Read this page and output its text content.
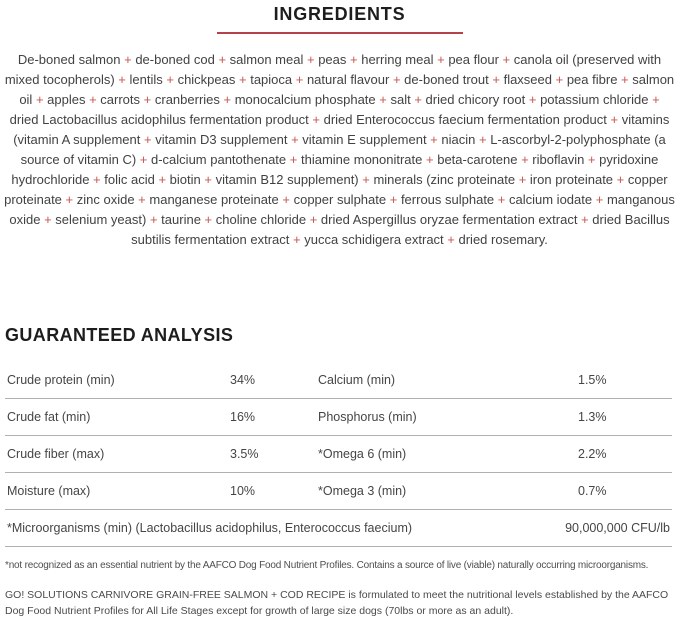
INGREDIENTS

De-boned salmon + de-boned cod + salmon meal + peas + herring meal + pea flour + canola oil (preserved with mixed tocopherols) + lentils + chickpeas + tapioca + natural flavour + de-boned trout + flaxseed + pea fibre + salmon oil + apples + carrots + cranberries + monocalcium phosphate + salt + dried chicory root + potassium chloride + dried Lactobacillus acidophilus fermentation product + dried Enterococcus faecium fermentation product + vitamins (vitamin A supplement + vitamin D3 supplement + vitamin E supplement + niacin + L-ascorbyl-2-polyphosphate (a source of vitamin C) + d-calcium pantothenate + thiamine mononitrate + beta-carotene + riboflavin + pyridoxine hydrochloride + folic acid + biotin + vitamin B12 supplement) + minerals (zinc proteinate + iron proteinate + copper proteinate + zinc oxide + manganese proteinate + copper sulphate + ferrous sulphate + calcium iodate + manganous oxide + selenium yeast) + taurine + choline chloride + dried Aspergillus oryzae fermentation extract + dried Bacillus subtilis fermentation extract + yucca schidigera extract + dried rosemary.

GUARANTEED ANALYSIS
Crude protein (min)	34%	Calcium (min)	1.5%
Crude fat (min)	16%	Phosphorus (min)	1.3%
Crude fiber (max)	3.5%	*Omega 6 (min)	2.2%
Moisture (max)	10%	*Omega 3 (min)	0.7%
*Microorganisms (min) (Lactobacillus acidophilus, Enterococcus faecium)	90,000,000 CFU/lb

*not recognized as an essential nutrient by the AAFCO Dog Food Nutrient Profiles. Contains a source of live (viable) naturally occurring microorganisms.

GO! SOLUTIONS CARNIVORE GRAIN-FREE SALMON + COD RECIPE is formulated to meet the nutritional levels established by the AAFCO Dog Food Nutrient Profiles for All Life Stages except for growth of large size dogs (70lbs or more as an adult).
